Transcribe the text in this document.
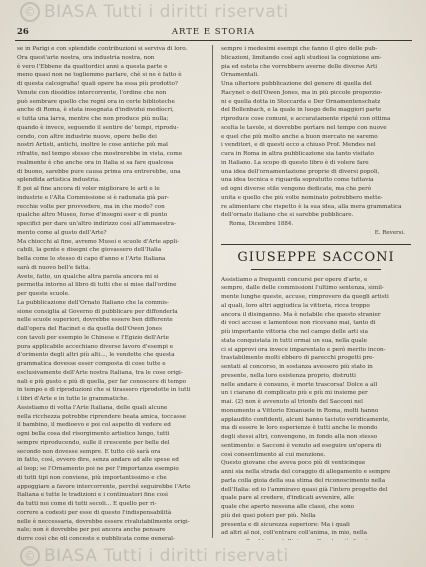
© BIASA Tutti i diritti riservati
26	ARTE E STORIA
se in Parigi e con splendide contribuzioni si serviva di loro.
Ora quest'arte nostra, ora industria nostra, non
è vero l'Ebbene da quattordici anni a questa parte e
meno quasi non ne togliemmo parlare, chè si ne è fatto è
di questa calcografia! quali opere ha essa più prodotto?
Venute con dissidios intercorrente, l'ordine che non
può sembrare quello che regni ora in certe biblioteche
anche di Roma, è stata insegnata d'individui medíocri,
e tutta una larva, mentre che non produce più nulla;
quando è invece, seguendo il sentire de' tempi, riprodu-
cendo, con altre industrie nuove, opere belle dei
nostri Artisti, antichi, inoltre le cose antiche più mal
rifratte, nel tempo stesso che mostrerebbe in vista, come
realmente è che anche ora in Italia si sa fare qualcosa
di buono, sarebbe pure causa prima ora entrerebbe, una
splendida artistica industria.
È poi al fine ancora di voler migliorare le arti e le
industrie e l'Alta Commissione si è radunata già par-
recchie volte per provvedere, ma in che modo? con
qualche altro Museo, forse d'insegni eser e di punto
specifici per dare un'altro indirizzo così all'ammaestra-
mento come al gusto dell'Arte?
Ma chiocchi al fine, avremo Musei e scuole d'Arte appli-
cabili, la gente e disegni che giovassero dell'Italia
bella come lo stesso di capo d'anno e l'Arte Italiana
sarà di nuovo bell'e fatta.
Avete, fatto, un qualche altra parola ancora mi si
permetta intorno al libro di tutti che si mise dall'ordine
per queste scuole.
La pubblicazione dell'Ornato Italiano che la commis-
sione consiglia al Governo di pubblicare per diffonderla
nelle scuole superiori, dovrebbe essere ben differente
dall'opera del Racinet e da quella dell'Owen Jones
con tavoli per esempio le Chinese e l'Egizio dell'Arte
pura applicabile accechiano diverse lavoro d'esempi e
d'orimento degli altri più alti..., le vendette che questa
grammatica dovesse esser composta di cose tutte e
esclusivamente dell'Arte nostra Italiana, tra le cose origi-
nali e più gusto e più di quella, per far conoscere di tempo
in tempo e di riproduzioni che si tirassero riprodotte in tutti
i libri d'Arte e in tutte le grammatiche.
Assistiamo di volta l'Arte Italiana, delle quali alcune
nella ricchezza potrebbe riprendere beata amica, toccasse
il bambino, il medioevo e poi col aspetto di vedere ed
ogni bella cosa del risorgimento artistico lungo, tutti
sempre riproducendo, sulle il crescente per belle del
secondo non dovesse sempre. E tutto ciò sarà ora
in fatto, così, ovvero dire, senza andare ad alle spese ed
al loop; se l'Ornamento poi ne per l'importanza esempio
di tutti tipi non conviene, più importantissimo e che
appoggiare a favore intercorrente, perché seguirebbe l'Arte
Italiana e tutte le tradizioni e i continuatori fine così
da tutti noi come di tutti secoli... E quello per ri-
correre a codesti per esse di questo l'indispensabilità
nelle è neccessaria, dovrebbe essere rivalutabilmente origi-
nale; non è dovrebbe per poi ancora anche pensare
durre così che gli conceste e pubblicata come general-
sempre i medesimi esempi che fanno il giro delle pub-
blicazioni, limitando così agli studiosi la cognizione am-
pia ed esteta che vorrebbero averne delle diverse Arti
Ornamentali.
Una ulteriore pubblicazione del genere di quella del
Racynet o dell'Owen Jones, ma in più piccole proporzio-
ni e quella dotta in Stoccarda e Der Ornamentenschatz
del Bollenbach, e la quale in luogo delle maggiori parte
riproduce cose comuni, e accuratamente ripeté con ottima
scelta le tavole, si dovrebbe portare nel tempo con nuove
e quel che più molto anche a buon mercato ne saremo
i venditori, e di questi ecco a chiuso Prof. Mendes nel
cura in Roma in altra pubblicazione sia tanto visitato
in Italiano. La scopo di questo libro è di volere fare
una idea dell'ornamentazione proprie di diversi popoli,
una idea tecnica e riguarda sopratutto come tuttavia
ed ogni diverse stile vengono dedicate, ma che però
unita e quello che più volte nominato potrebbero mette-
re alimentare che rispetto è la sua idea, alla mera grammatica
dell'ornato italiano che si sarebbe pubblicare.
Roma, Dicembre 1884.
E. Reversi.
GIUSEPPE SACCONI
Assistiamo a frequenti concorsi per opere d'arte, e
sempre, dalle delle commissioni l'ultimo sentenza, simil-
mente lunghe queste, accuse, rimprovero da quegli artisti
al quali, loro altri aggiudica la vittoria, ricca troppo
ancora il disinganno. Ma è notabile che questo stranier
di voci accuse e lamentose non ricevano mai, tanto di
più importante vittoria che nel campo delle arti sia
stata conquistata in tutti ormai un sua, nella quale
ci si approvi ora invece imparentato e però merito incon-
trastabilmente molti ebbero di parecchi progetti pre-
sentati al concorso, in sostanza avessero più stato in
presente, nella loro esistenza proprio, distrutti
nelle andare è consuno, è morte trascorsa! Dolce a all
un i ciarano di complicato più e più mi insieme per
mai. (2) non è avvenuto al trionfo del Sacconi nel
monumento a Vittorio Emanuele in Roma, molti hanno
applaudito confidenti, alcuni hanno taciuto veridicamente,
ma di essere le loro esperienze è tutti anche le mondo
degli stessi altri, convengono, in fondo alla non stesso
sentimento: e Sacconi è venuto ad eseguire un'opera di
così consentimento al cui menzione.
Questo giovane che aveva poco più di venticinque
anni sia nella strada del coraggio di allegamento e sempre
parla colla gioia della sua stima del riconoscimento nella
dell'Italia: ed io l'ammiravo quasi già l'intero progetto del
quale pare al credere, d'indicati avvenire, alle
quale che aperto nessuna alle classi, che sono
più dei quei poteri per più. Nella
presenta e di sicurezza superiore: Ma i quali
ad altri al noi, coll'entrare coll'anima, in mio, nella
© BIASA Tutti i diritti riservati
